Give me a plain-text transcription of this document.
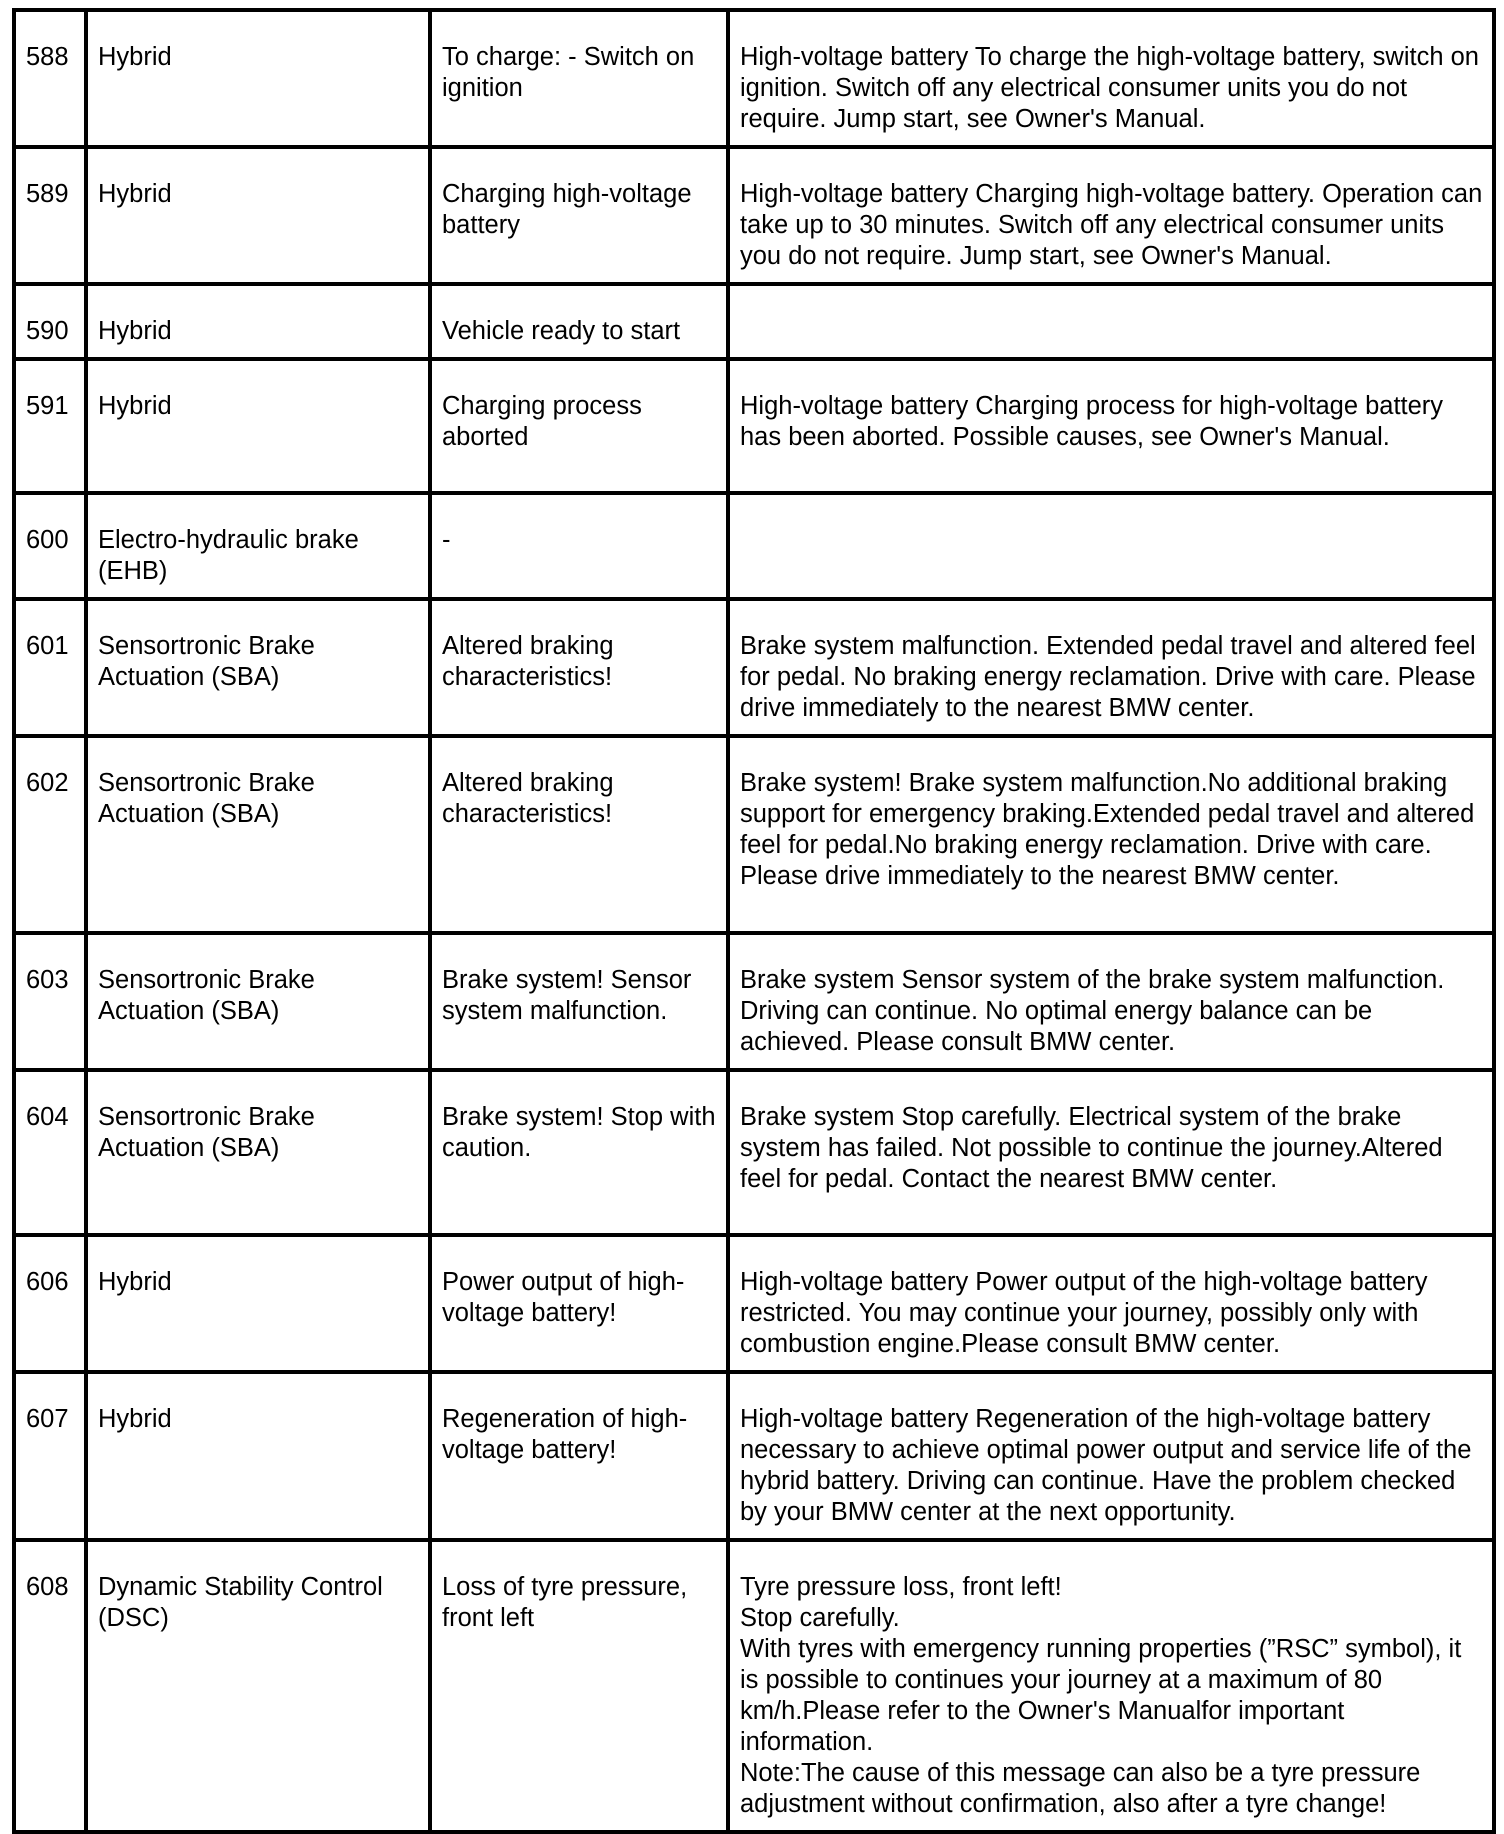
588	Hybrid	To charge: - Switch on ignition	High-voltage battery To charge the high-voltage battery, switch on ignition. Switch off any electrical consumer units you do not require. Jump start, see Owner's Manual.
589	Hybrid	Charging high-voltage battery	High-voltage battery Charging high-voltage battery. Operation can take up to 30 minutes. Switch off any electrical consumer units you do not require. Jump start, see Owner's Manual.
590	Hybrid	Vehicle ready to start	
591	Hybrid	Charging process aborted	High-voltage battery Charging process for high-voltage battery has been aborted. Possible causes, see Owner's Manual.
600	Electro-hydraulic brake (EHB)	-	
601	Sensortronic Brake Actuation (SBA)	Altered braking characteristics!	Brake system malfunction. Extended pedal travel and altered feel for pedal. No braking energy reclamation. Drive with care. Please drive immediately to the nearest BMW center.
602	Sensortronic Brake Actuation (SBA)	Altered braking characteristics!	Brake system! Brake system malfunction.No additional braking support for emergency braking.Extended pedal travel and altered feel for pedal.No braking energy reclamation. Drive with care. Please drive immediately to the nearest BMW center.
603	Sensortronic Brake Actuation (SBA)	Brake system! Sensor system malfunction.	Brake system Sensor system of the brake system malfunction. Driving can continue. No optimal energy balance can be achieved. Please consult BMW center.
604	Sensortronic Brake Actuation (SBA)	Brake system! Stop with caution.	Brake system Stop carefully. Electrical system of the brake system has failed. Not possible to continue the journey.Altered feel for pedal. Contact the nearest BMW center.
606	Hybrid	Power output of high-voltage battery!	High-voltage battery Power output of the high-voltage battery restricted. You may continue your journey, possibly only with combustion engine.Please consult BMW center.
607	Hybrid	Regeneration of high-voltage battery!	High-voltage battery Regeneration of the high-voltage battery necessary to achieve optimal power output and service life of the hybrid battery. Driving can continue. Have the problem checked by your BMW center at the next opportunity.
608	Dynamic Stability Control (DSC)	Loss of tyre pressure, front left	Tyre pressure loss, front left!
Stop carefully.
With tyres with emergency running properties (”RSC” symbol), it is possible to continues your journey at a maximum of 80 km/h.Please refer to the Owner's Manualfor important information.
Note:The cause of this message can also be a tyre pressure adjustment without confirmation, also after a tyre change!
